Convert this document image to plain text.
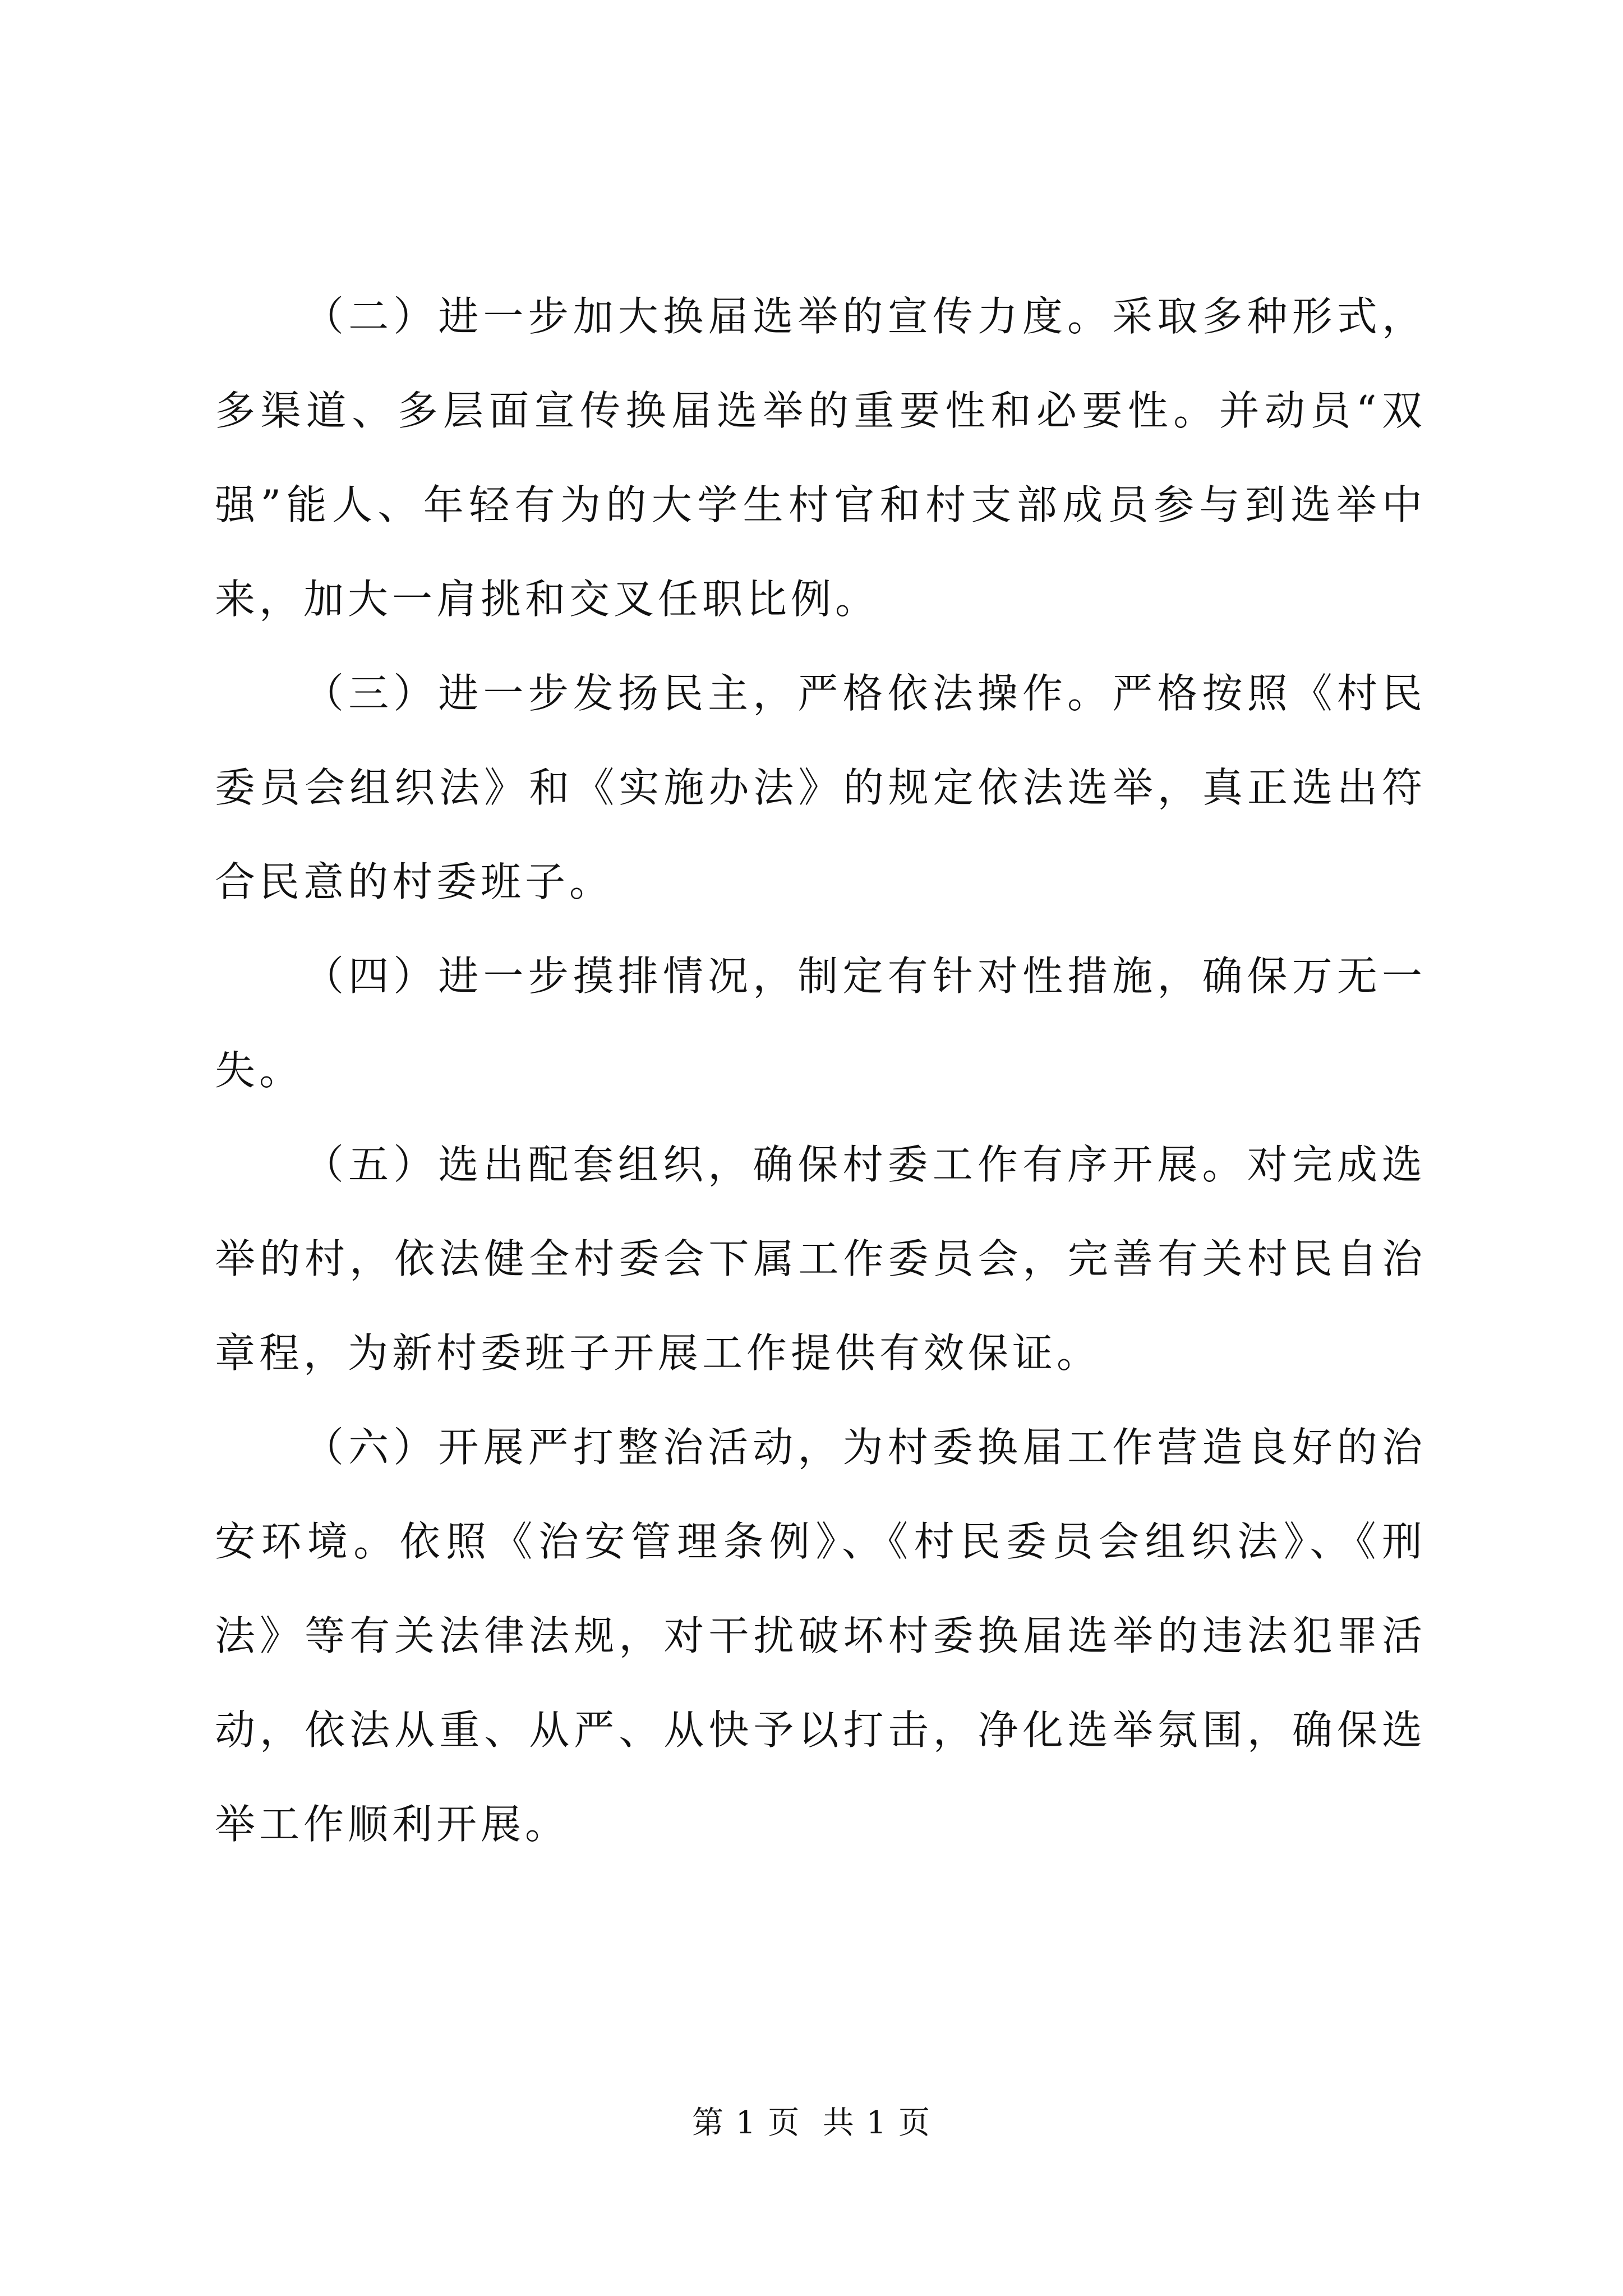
（二）进一步加大换届选举的宣传力度。采取多种形式，多渠道、多层面宣传换届选举的重要性和必要性。并动员“双强”能人、年轻有为的大学生村官和村支部成员参与到选举中来，加大一肩挑和交叉任职比例。

（三）进一步发扬民主，严格依法操作。严格按照《村民委员会组织法》和《实施办法》的规定依法选举，真正选出符合民意的村委班子。

（四）进一步摸排情况，制定有针对性措施，确保万无一失。

（五）选出配套组织，确保村委工作有序开展。对完成选举的村，依法健全村委会下属工作委员会，完善有关村民自治章程，为新村委班子开展工作提供有效保证。

（六）开展严打整治活动，为村委换届工作营造良好的治安环境。依照《治安管理条例》、《村民委员会组织法》、《刑法》等有关法律法规，对干扰破坏村委换届选举的违法犯罪活动，依法从重、从严、从快予以打击，净化选举氛围，确保选举工作顺利开展。

第 1 页  共 1 页
